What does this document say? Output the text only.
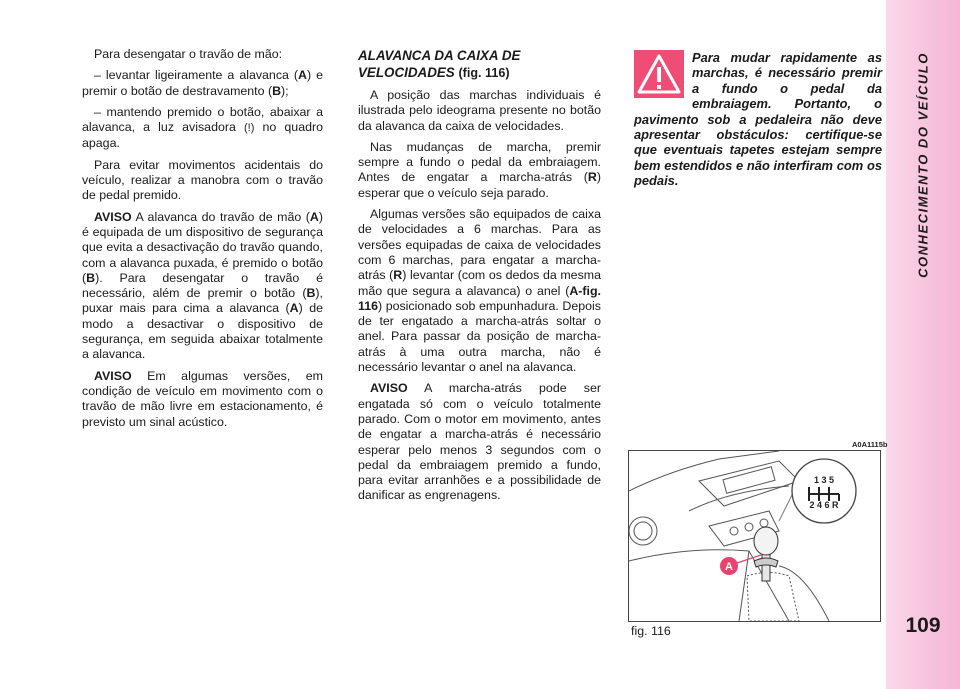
CONHECIMENTO DO VEÍCULO
109

Para desengatar o travão de mão:

– levantar ligeiramente a alavanca (A) e premir o botão de destravamento (B);

– mantendo premido o botão, abaixar a alavanca, a luz avisadora (!) no quadro apaga.

Para evitar movimentos acidentais do veículo, realizar a manobra com o travão de pedal premido.

AVISO A alavanca do travão de mão (A) é equipada de um dispositivo de segurança que evita a desactivação do travão quando, com a alavanca puxada, é premido o botão (B). Para desengatar o travão é necessário, além de premir o botão (B), puxar mais para cima a alavanca (A) de modo a desactivar o dispositivo de segurança, em seguida abaixar totalmente a alavanca.

AVISO Em algumas versões, em condição de veículo em movimento com o travão de mão livre em estacionamento, é previsto um sinal acústico.

ALAVANCA DA CAIXA DE VELOCIDADES (fig. 116)

A posição das marchas individuais é ilustrada pelo ideograma presente no botão da alavanca da caixa de velocidades.

Nas mudanças de marcha, premir sempre a fundo o pedal da embraiagem. Antes de engatar a marcha-atrás (R) esperar que o veículo seja parado.

Algumas versões são equipados de caixa de velocidades a 6 marchas. Para as versões equipadas de caixa de velocidades com 6 marchas, para engatar a marcha-atrás (R) levantar (com os dedos da mesma mão que segura a alavanca) o anel (A-fig. 116) posicionado sob empunhadura. Depois de ter engatado a marcha-atrás soltar o anel. Para passar da posição de marcha-atrás à uma outra marcha, não é necessário levantar o anel na alavanca.

AVISO A marcha-atrás pode ser engatada só com o veículo totalmente parado. Com o motor em movimento, antes de engatar a marcha-atrás é necessário esperar pelo menos 3 segundos com o pedal da embraiagem premido a fundo, para evitar arranhões e a possibilidade de danificar as engrenagens.

Para mudar rapidamente as marchas, é necessário premir a fundo o pedal da embraiagem. Portanto, o pavimento sob a pedaleira não deve apresentar obstáculos: certifique-se que eventuais tapetes estejam sempre bem estendidos e não interfiram com os pedais.
A0A1115b
1 3 5
2 4 6 R
A
fig. 116
